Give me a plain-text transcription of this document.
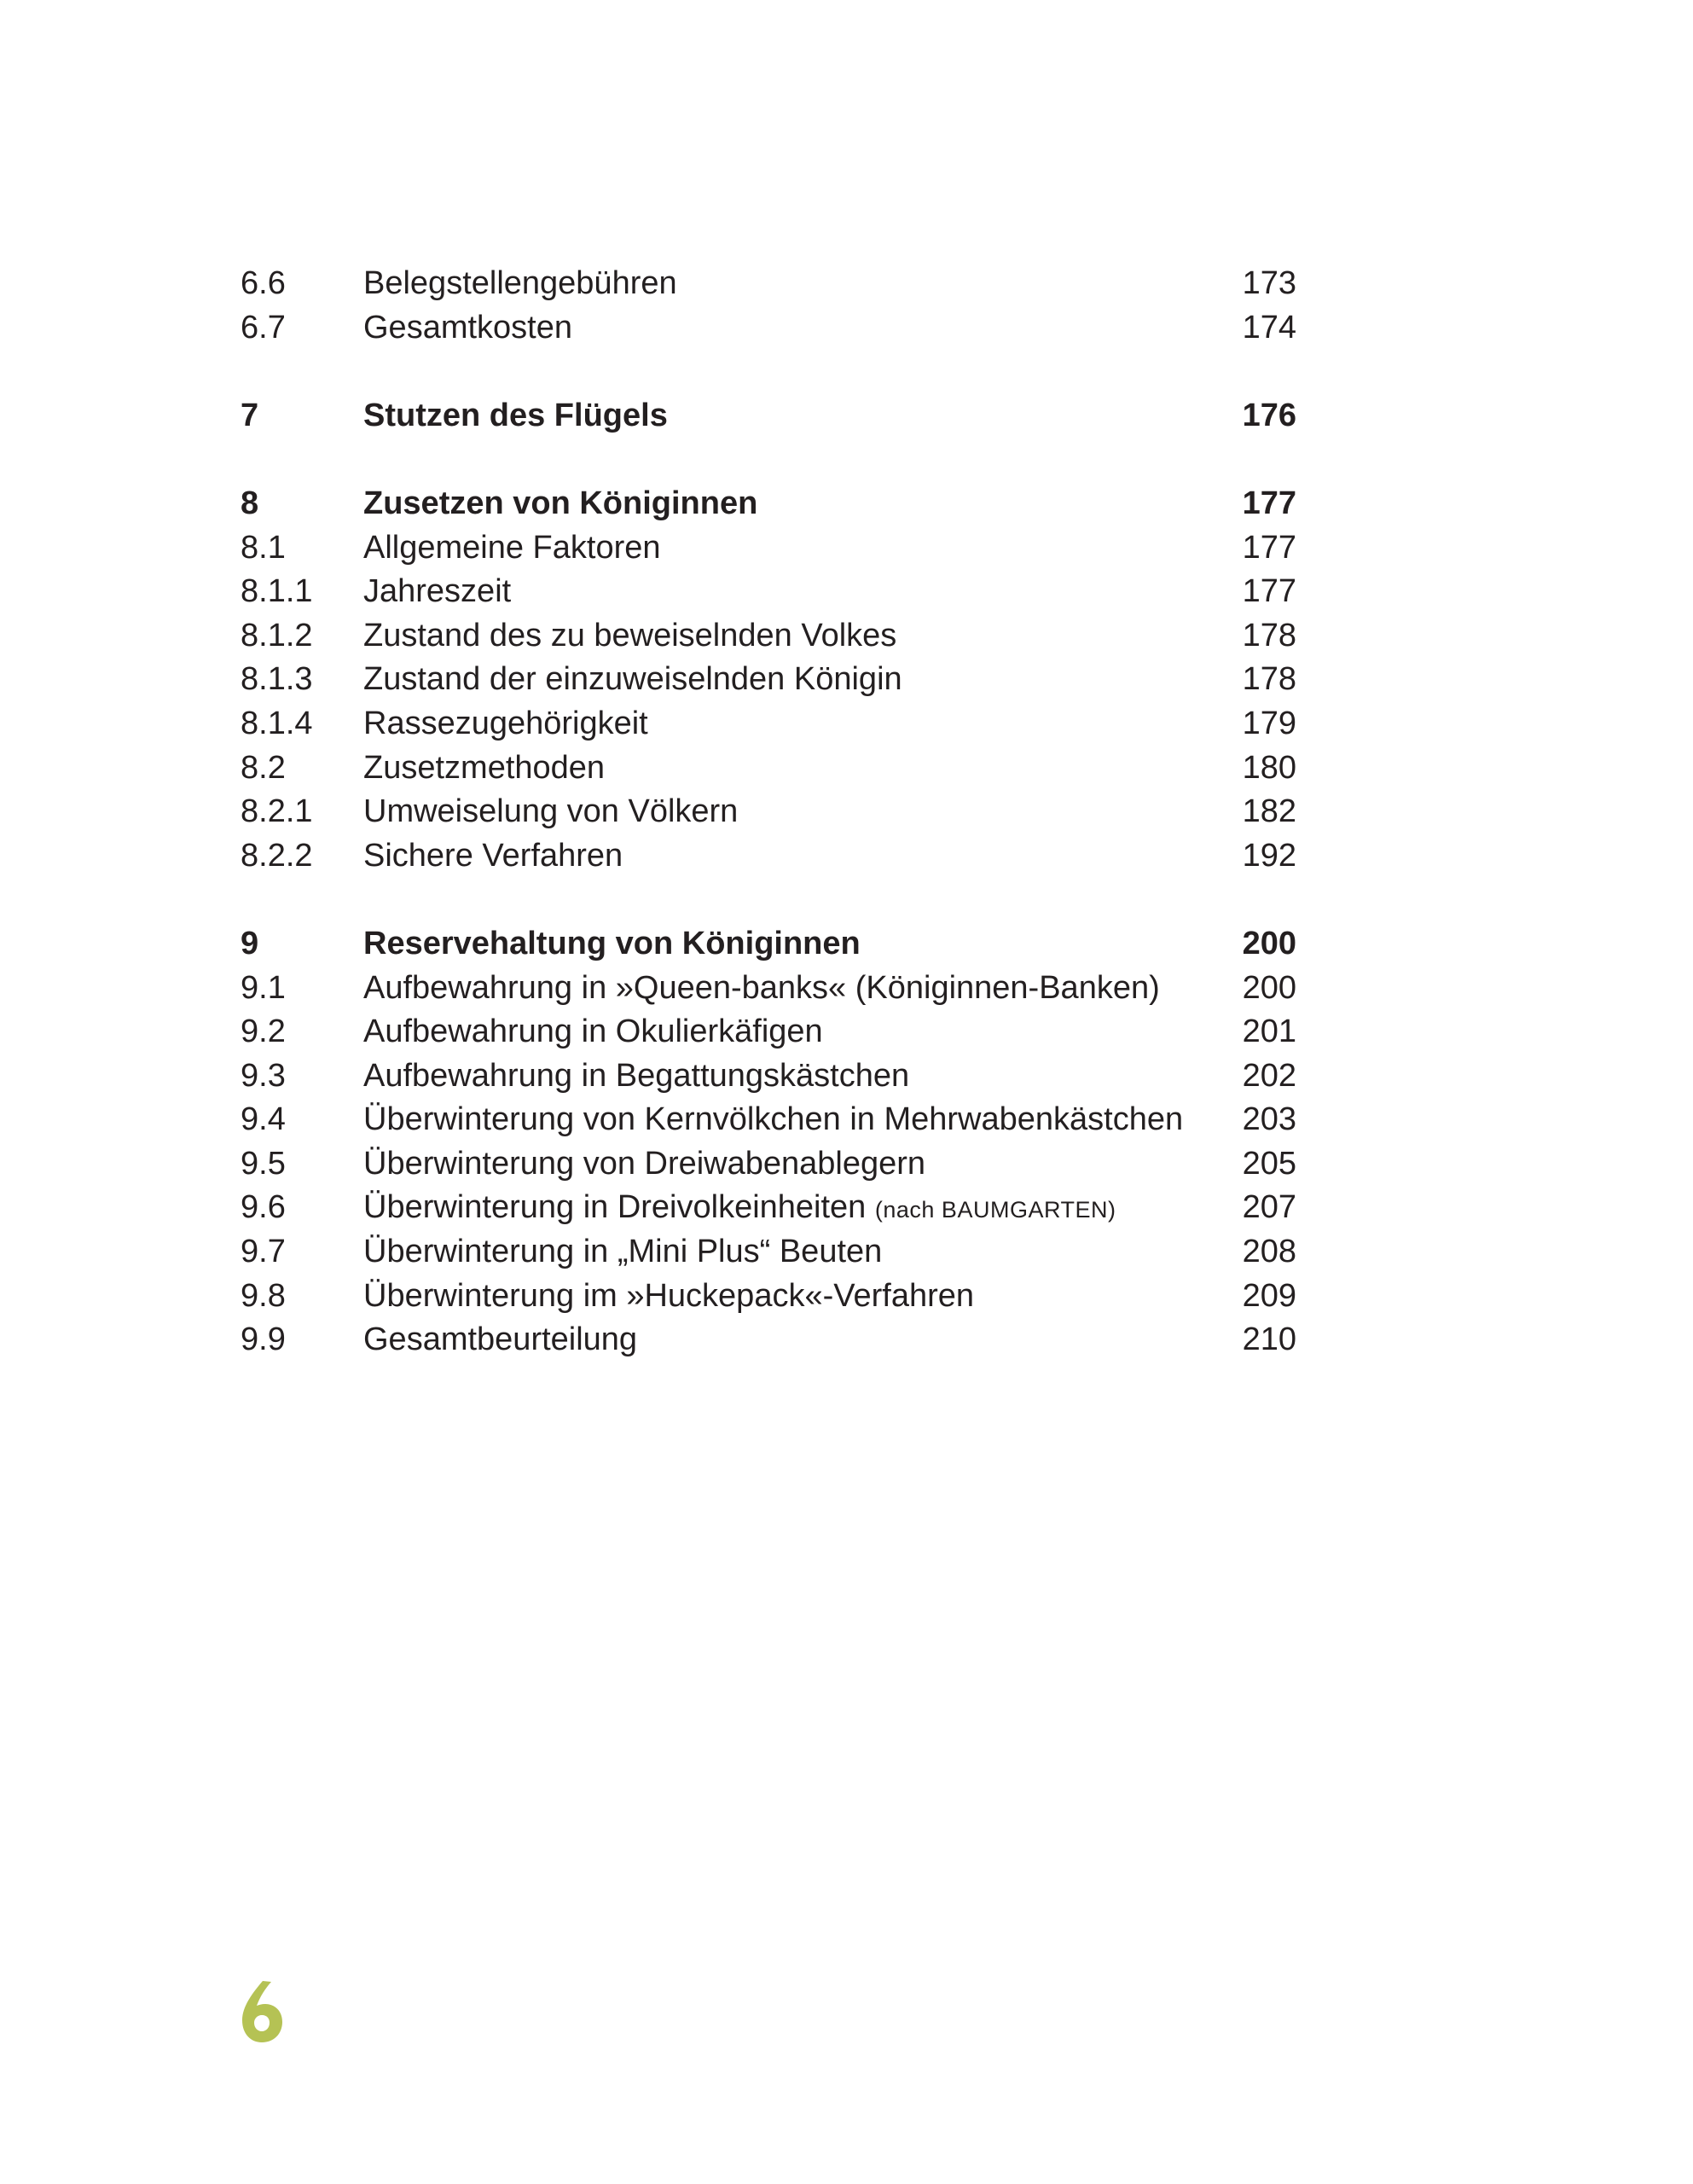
6.6 Belegstellengebühren	173
6.7 Gesamtkosten	174
7	Stutzen des Flügels	176
8	Zusetzen von Königinnen	177
8.1 Allgemeine Faktoren	177
8.1.1 Jahreszeit	177
8.1.2 Zustand des zu beweiselnden Volkes	178
8.1.3 Zustand der einzuweiselnden Königin	178
8.1.4 Rassezugehörigkeit	179
8.2 Zusetzmethoden	180
8.2.1 Umweiselung von Völkern	182
8.2.2 Sichere Verfahren	192
9	Reservehaltung von Königinnen	200
9.1 Aufbewahrung in »Queen-banks« (Königinnen-Banken)	200
9.2 Aufbewahrung in Okulierkäfigen	201
9.3 Aufbewahrung in Begattungskästchen	202
9.4 Überwinterung von Kernvölkchen in Mehrwabenkästchen 203
9.5 Überwinterung von Dreiwabenablegern	205
9.6 Überwinterung in Dreivolkeinheiten (nach BAUMGARTEN)	207
9.7 Überwinterung in „Mini Plus“ Beuten	208
9.8 Überwinterung im »Huckepack«-Verfahren	209
9.9 Gesamtbeurteilung	210
